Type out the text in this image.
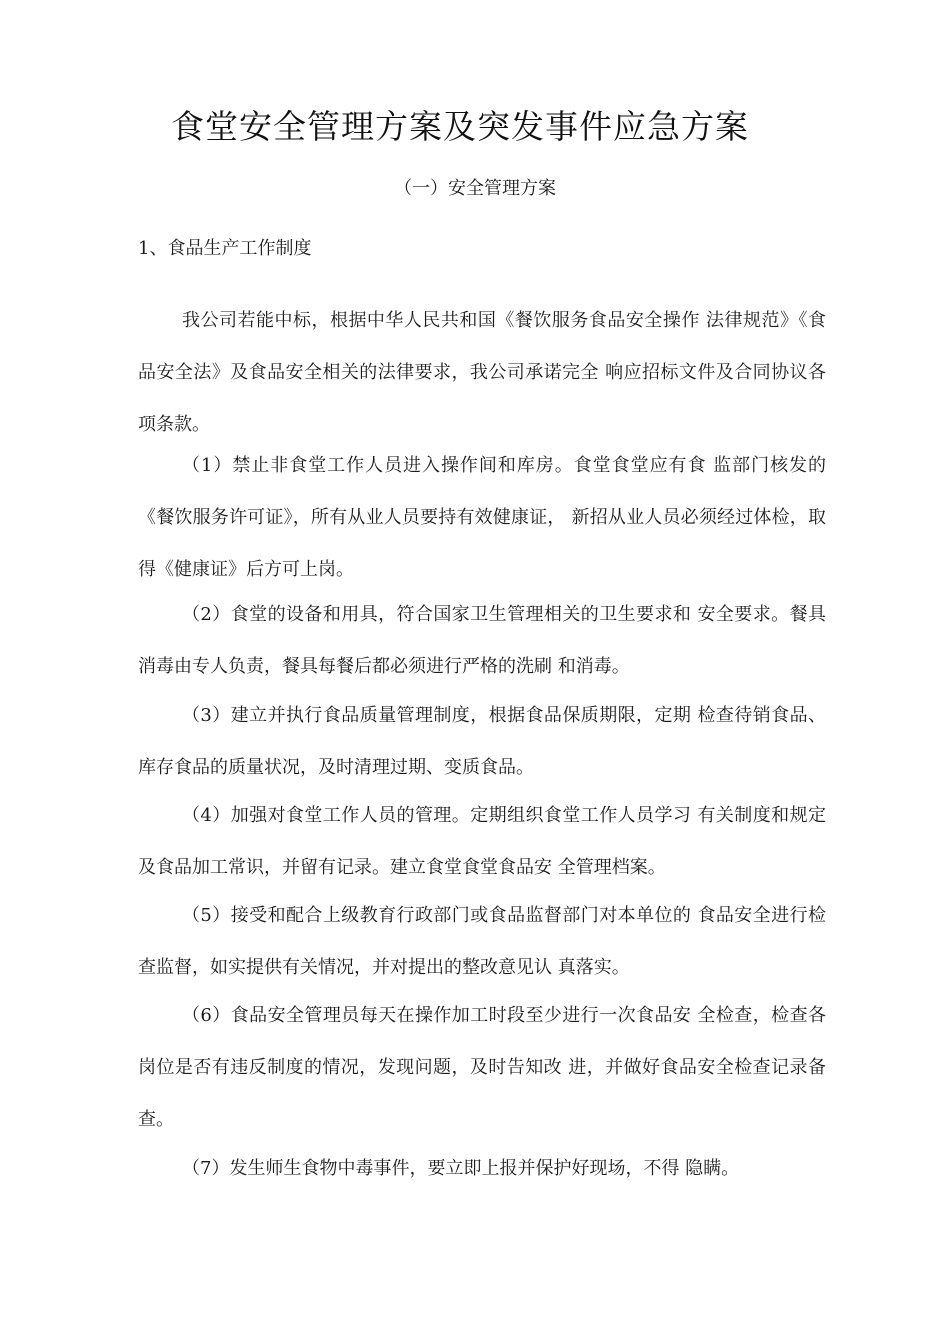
食堂安全管理方案及突发事件应急方案
（一）安全管理方案
1、食品生产工作制度

我公司若能中标，根据中华人民共和国《餐饮服务食品安全操作 法律规范》《食品安全法》及食品安全相关的法律要求，我公司承诺完全 响应招标文件及合同协议各项条款。

（1）禁止非食堂工作人员进入操作间和库房。食堂食堂应有食 监部门核发的《餐饮服务许可证》，所有从业人员要持有效健康证， 新招从业人员必须经过体检，取得《健康证》后方可上岗。

（2）食堂的设备和用具，符合国家卫生管理相关的卫生要求和 安全要求。餐具消毒由专人负责，餐具每餐后都必须进行严格的洗刷 和消毒。

（3）建立并执行食品质量管理制度，根据食品保质期限，定期 检查待销食品、库存食品的质量状况，及时清理过期、变质食品。

（4）加强对食堂工作人员的管理。定期组织食堂工作人员学习 有关制度和规定及食品加工常识，并留有记录。建立食堂食堂食品安 全管理档案。

（5）接受和配合上级教育行政部门或食品监督部门对本单位的 食品安全进行检查监督，如实提供有关情况，并对提出的整改意见认 真落实。

（6）食品安全管理员每天在操作加工时段至少进行一次食品安 全检查，检查各岗位是否有违反制度的情况，发现问题，及时告知改 进，并做好食品安全检查记录备查。

（7）发生师生食物中毒事件，要立即上报并保护好现场，不得 隐瞒。
